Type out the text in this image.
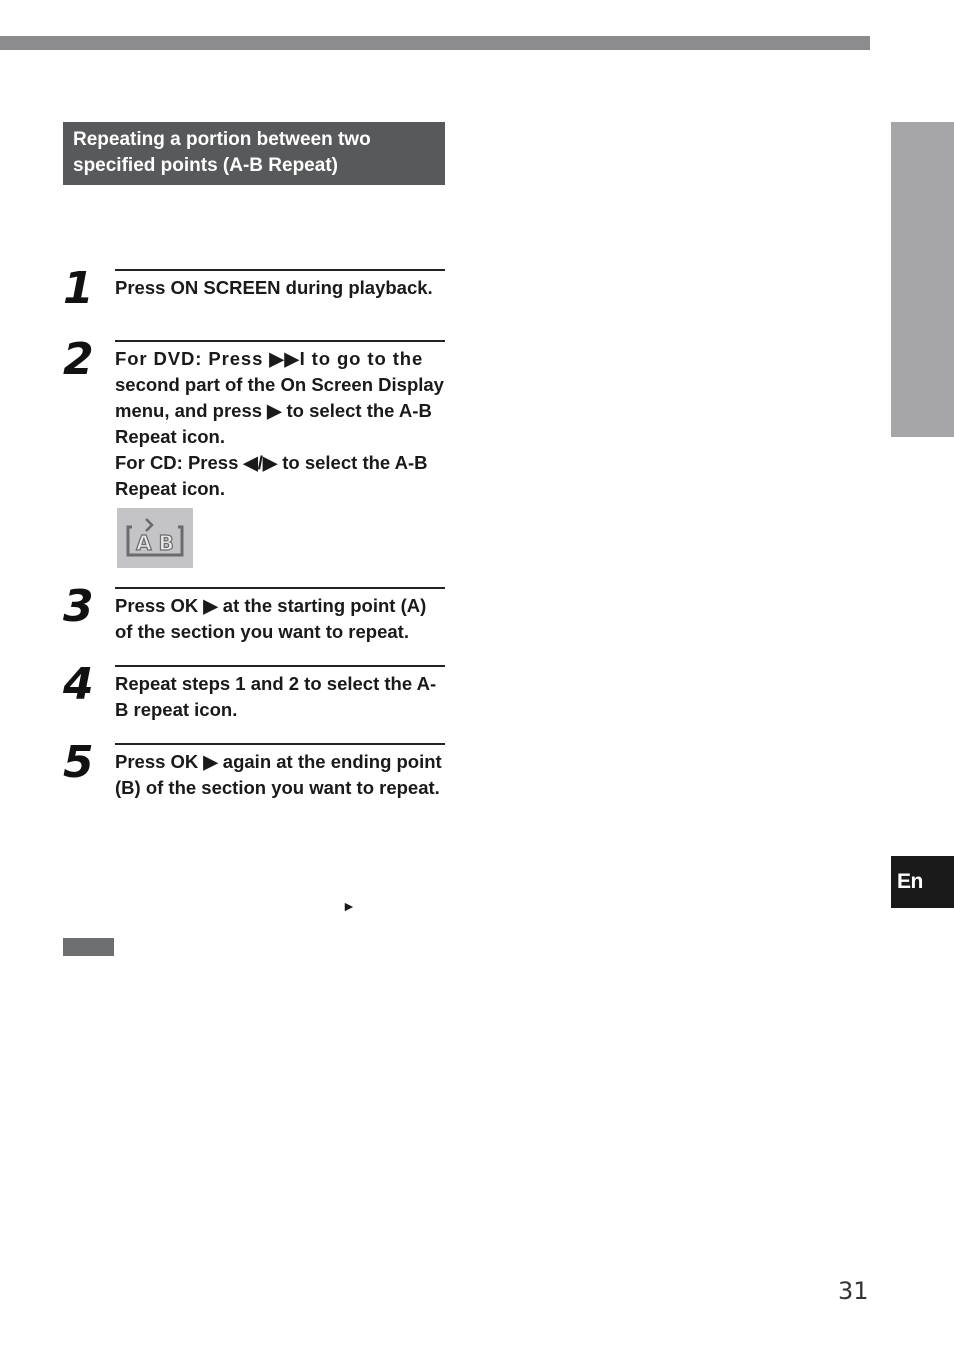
En
Repeating a portion between two
specified points (A-B Repeat)
1	Press ON SCREEN during playback.

2	For DVD: Press ▶▶I to go to the

second part of the On Screen Display

menu, and press ▶ to select the A-B

Repeat icon.

For CD: Press ◀/▶ to select the A-B

Repeat icon.

A B
3	Press OK ▶ at the starting point (A)

of the section you want to repeat.

4	Repeat steps 1 and 2 to select the A-

B repeat icon.

5	Press OK ▶ again at the ending point

(B) of the section you want to repeat.

►
31
